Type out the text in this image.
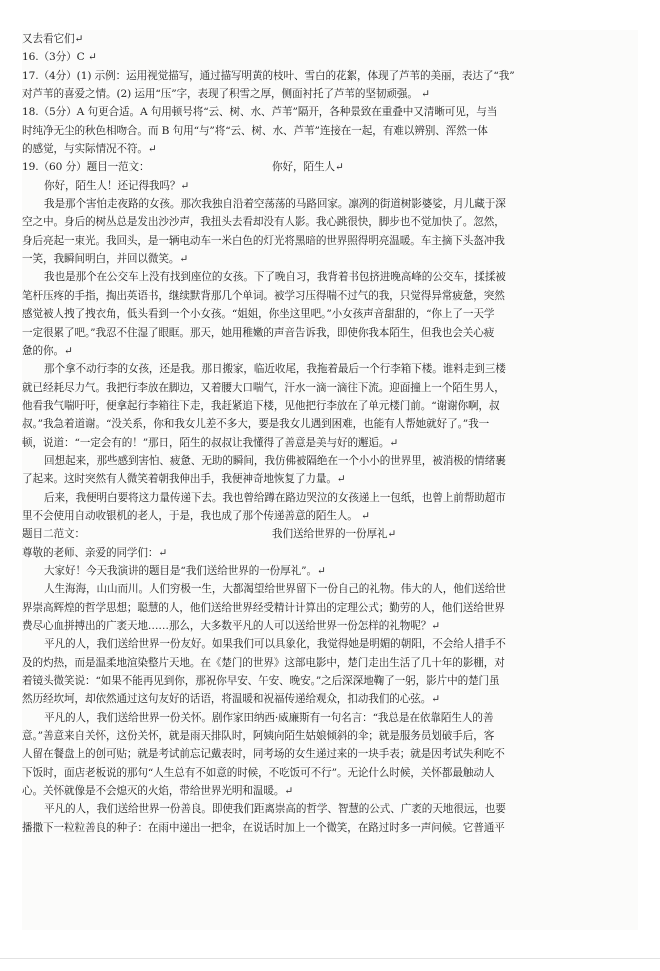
又去看它们↵
16.（3分）C ↵
17.（4分）(1) 示例：运用视觉描写，通过描写明黄的枝叶、雪白的花絮，体现了芦苇的美丽，表达了“我”
对芦苇的喜爱之情。(2) 运用“压”字，表现了积雪之厚，侧面衬托了芦苇的坚韧顽强。 ↵
18.（5分）A 句更合适。A 句用顿号将“云、树、水、芦苇”隔开，各种景致在重叠中又清晰可见，与当
时纯净无尘的秋色相吻合。而 B 句用“与”将“云、树、水、芦苇”连接在一起，有难以辨别、浑然一体
的感觉，与实际情况不符。↵
19.（60 分）题目一范文：	你好，陌生人↵
你好，陌生人！还记得我吗？↵
我是那个害怕走夜路的女孩。那次我独自沿着空荡荡的马路回家。凛冽的街道树影婆娑，月儿藏于深
空之中。身后的树丛总是发出沙沙声，我扭头去看却没有人影。我心跳很快，脚步也不觉加快了。忽然，
身后亮起一束光。我回头，是一辆电动车一米白色的灯光将黑暗的世界照得明亮温暖。车主摘下头盔冲我
一笑，我瞬间明白，并回以微笑。↵
我也是那个在公交车上没有找到座位的女孩。下了晚自习，我背着书包挤进晚高峰的公交车，揉揉被
笔杆压疼的手指，掏出英语书，继续默背那几个单词。被学习压得喘不过气的我，只觉得异常疲惫，突然
感觉被人拽了拽衣角，低头看到一个小女孩。“姐姐，你坐这里吧。”小女孩声音甜甜的，“你上了一天学
一定很累了吧。”我忍不住湿了眼眶。那天，她用稚嫩的声音告诉我，即使你我本陌生，但我也会关心疲
惫的你。↵
那个拿不动行李的女孩，还是我。那日搬家，临近收尾，我拖着最后一个行李箱下楼。谁料走到三楼
就已经耗尽力气。我把行李放在脚边，又着腰大口喘气，汗水一滴一滴往下流。迎面撞上一个陌生男人，
他看我气喘吁吁，便拿起行李箱往下走，我赶紧追下楼，见他把行李放在了单元楼门前。“谢谢你啊，叔
叔。”我急着道谢。“没关系，你和我女儿差不多大，要是我女儿遇到困难，也能有人帮她就好了。”我一
顿，说道：“一定会有的！”那日，陌生的叔叔让我懂得了善意是美与好的邂逅。↵
回想起来，那些感到害怕、疲惫、无助的瞬间，我仿佛被隔绝在一个小小的世界里，被消极的情绪裹
了起来。这时突然有人微笑着朝我伸出手，我便神奇地恢复了力量。↵
后来，我便明白要将这力量传递下去。我也曾给蹲在路边哭泣的女孩递上一包纸，也曾上前帮助超市
里不会使用自动收银机的老人，于是，我也成了那个传递善意的陌生人。 ↵
题目二范文：	我们送给世界的一份厚礼↵
尊敬的老师、亲爱的同学们：↵
大家好！今天我演讲的题目是“我们送给世界的一份厚礼”。↵
人生海海，山山而川。人们穷极一生，大都渴望给世界留下一份自己的礼物。伟大的人，他们送给世
界崇高辉煌的哲学思想；聪慧的人，他们送给世界经受精计计算出的定理公式；勤劳的人，他们送给世界
费尽心血拼搏出的广袤天地……那么，大多数平凡的人可以送给世界一份怎样的礼物呢？↵
平凡的人，我们送给世界一份友好。如果我们可以具象化，我觉得她是明媚的朝阳，不会给人措手不
及的灼热，而是温柔地渲染整片天地。在《楚门的世界》这部电影中，楚门走出生活了几十年的影棚，对
着镜头微笑说：“如果不能再见到你，那祝你早安、午安、晚安。”之后深深地鞠了一躬，影片中的楚门虽
然历经坎坷，却依然通过这句友好的话语，将温暖和祝福传递给观众，扣动我们的心弦。↵
平凡的人，我们送给世界一份关怀。剧作家田纳西·威廉斯有一句名言：“我总是在依靠陌生人的善
意。”善意来自关怀，这份关怀，就是雨天排队时，阿姨向陌生姑娘倾斜的伞；就是服务员划破手后，客
人留在餐盘上的创可贴；就是考试前忘记戴表时，同考场的女生递过来的一块手表；就是因考试失利吃不
下饭时，面店老板说的那句“人生总有不如意的时候，不吃饭可不行”。无论什么时候，关怀都最触动人
心。关怀就像是不会熄灭的火焰，带给世界光明和温暖。↵
平凡的人，我们送给世界一份善良。即使我们距离崇高的哲学、智慧的公式、广袤的天地很远，也要
播撒下一粒粒善良的种子：在雨中递出一把伞，在说话时加上一个微笑，在路过时多一声问候。它普通平
